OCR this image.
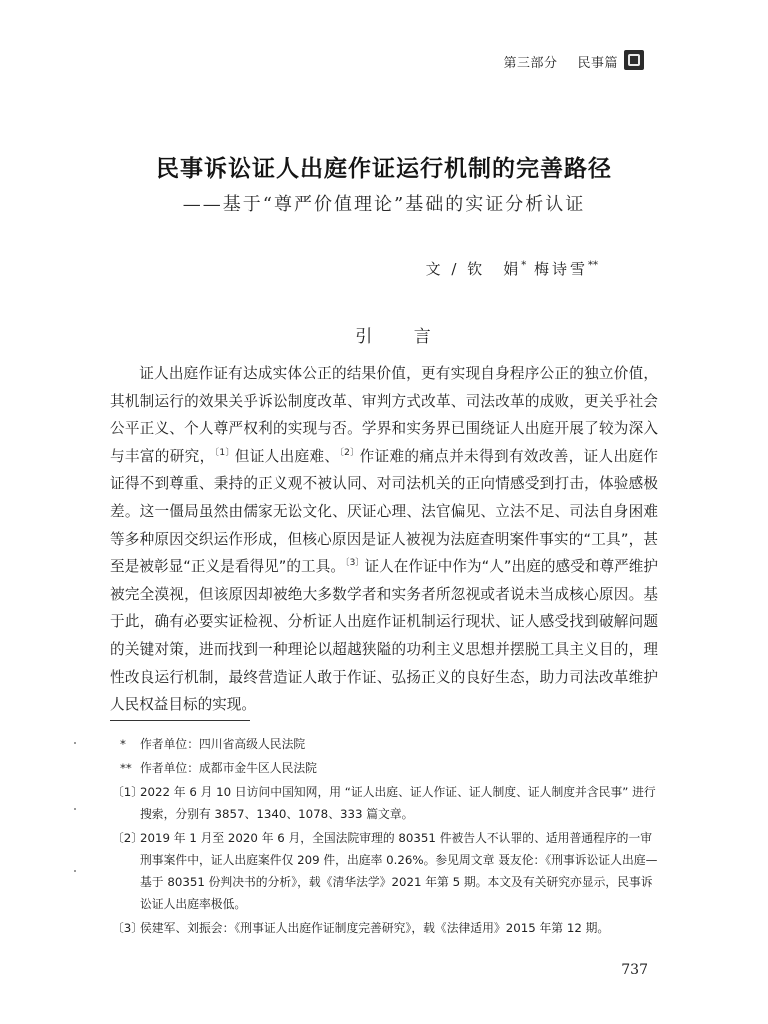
第三部分 民事篇
民事诉讼证人出庭作证运行机制的完善路径
——基于“尊严价值理论”基础的实证分析认证
文 / 钦　娟* 梅诗雪**
引 言

证人出庭作证有达成实体公正的结果价值，更有实现自身程序公正的独立价值，其机制运行的效果关乎诉讼制度改革、审判方式改革、司法改革的成败，更关乎社会公平正义、个人尊严权利的实现与否。学界和实务界已围绕证人出庭开展了较为深入与丰富的研究，$^{〔1〕}$但证人出庭难、$^{〔2〕}$作证难的痛点并未得到有效改善，证人出庭作证得不到尊重、秉持的正义观不被认同、对司法机关的正向情感受到打击，体验感极差。这一僵局虽然由儒家无讼文化、厌证心理、法官偏见、立法不足、司法自身困难等多种原因交织运作形成，但核心原因是证人被视为法庭查明案件事实的“工具”，甚至是被彰显“正义是看得见”的工具。$^{〔3〕}$证人在作证中作为“人”出庭的感受和尊严维护被完全漠视，但该原因却被绝大多数学者和实务者所忽视或者说未当成核心原因。基于此，确有必要实证检视、分析证人出庭作证机制运行现状、证人感受找到破解问题的关键对策，进而找到一种理论以超越狭隘的功利主义思想并摆脱工具主义目的，理性改良运行机制，最终营造证人敢于作证、弘扬正义的良好生态，助力司法改革维护人民权益目标的实现。

*	作者单位：四川省高级人民法院
** 作者单位：成都市金牛区人民法院
〔1〕
2022 年 6 月 10 日访问中国知网，用 “证人出庭、证人作证、证人制度、证人制度并含民事” 进行搜索，分别有 3857、1340、1078、333 篇文章。
〔2〕
2019 年 1 月至 2020 年 6 月，全国法院审理的 80351 件被告人不认罪的、适用普通程序的一审刑事案件中，证人出庭案件仅 209 件，出庭率 0.26%。参见周文章 聂友伦：《刑事诉讼证人出庭—基于 80351 份判决书的分析》，载《清华法学》2021 年第 5 期。本文及有关研究亦显示，民事诉讼证人出庭率极低。
〔3〕
侯建军、刘振会：《刑事证人出庭作证制度完善研究》，载《法律适用》2015 年第 12 期。
737
